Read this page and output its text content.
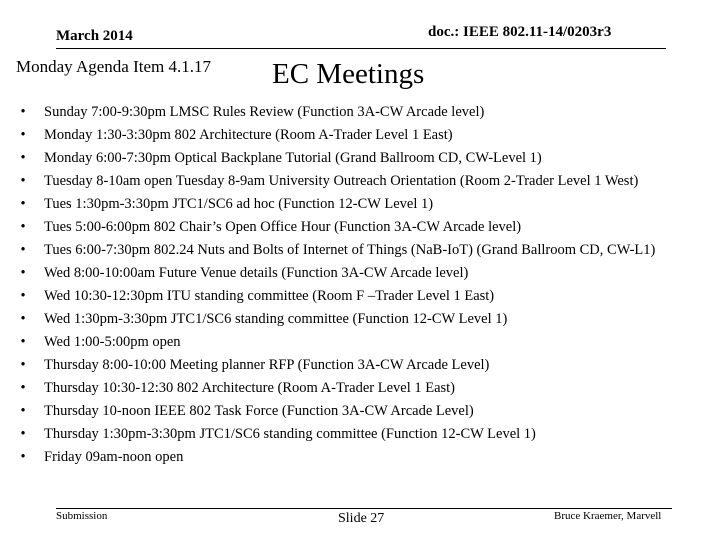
March 2014	doc.: IEEE 802.11-14/0203r3
Monday Agenda Item 4.1.17 EC Meetings
•	Sunday 7:00-9:30pm LMSC Rules Review (Function 3A-CW Arcade level)
•	Monday 1:30-3:30pm 802 Architecture (Room A-Trader Level 1 East)
•	Monday 6:00-7:30pm Optical Backplane Tutorial (Grand Ballroom CD, CW-Level 1)
•	Tuesday 8-10am open Tuesday 8-9am University Outreach Orientation (Room 2-Trader Level 1 West)
•	Tues 1:30pm-3:30pm JTC1/SC6 ad hoc (Function 12-CW Level 1)
•	Tues 5:00-6:00pm 802 Chair’s Open Office Hour (Function 3A-CW Arcade level)
•	Tues 6:00-7:30pm 802.24 Nuts and Bolts of Internet of Things (NaB-IoT) (Grand Ballroom CD, CW-L1)
•	Wed 8:00-10:00am Future Venue details (Function 3A-CW Arcade level)
•	Wed 10:30-12:30pm ITU standing committee (Room F –Trader Level 1 East)
•	Wed 1:30pm-3:30pm JTC1/SC6 standing committee (Function 12-CW Level 1)
•	Wed 1:00-5:00pm open
•	Thursday 8:00-10:00 Meeting planner RFP (Function 3A-CW Arcade Level)
•	Thursday 10:30-12:30 802 Architecture (Room A-Trader Level 1 East)
•	Thursday 10-noon IEEE 802 Task Force (Function 3A-CW Arcade Level)
•	Thursday 1:30pm-3:30pm JTC1/SC6 standing committee (Function 12-CW Level 1)
•	Friday 09am-noon open
Submission	Slide 27	Bruce Kraemer, Marvell
